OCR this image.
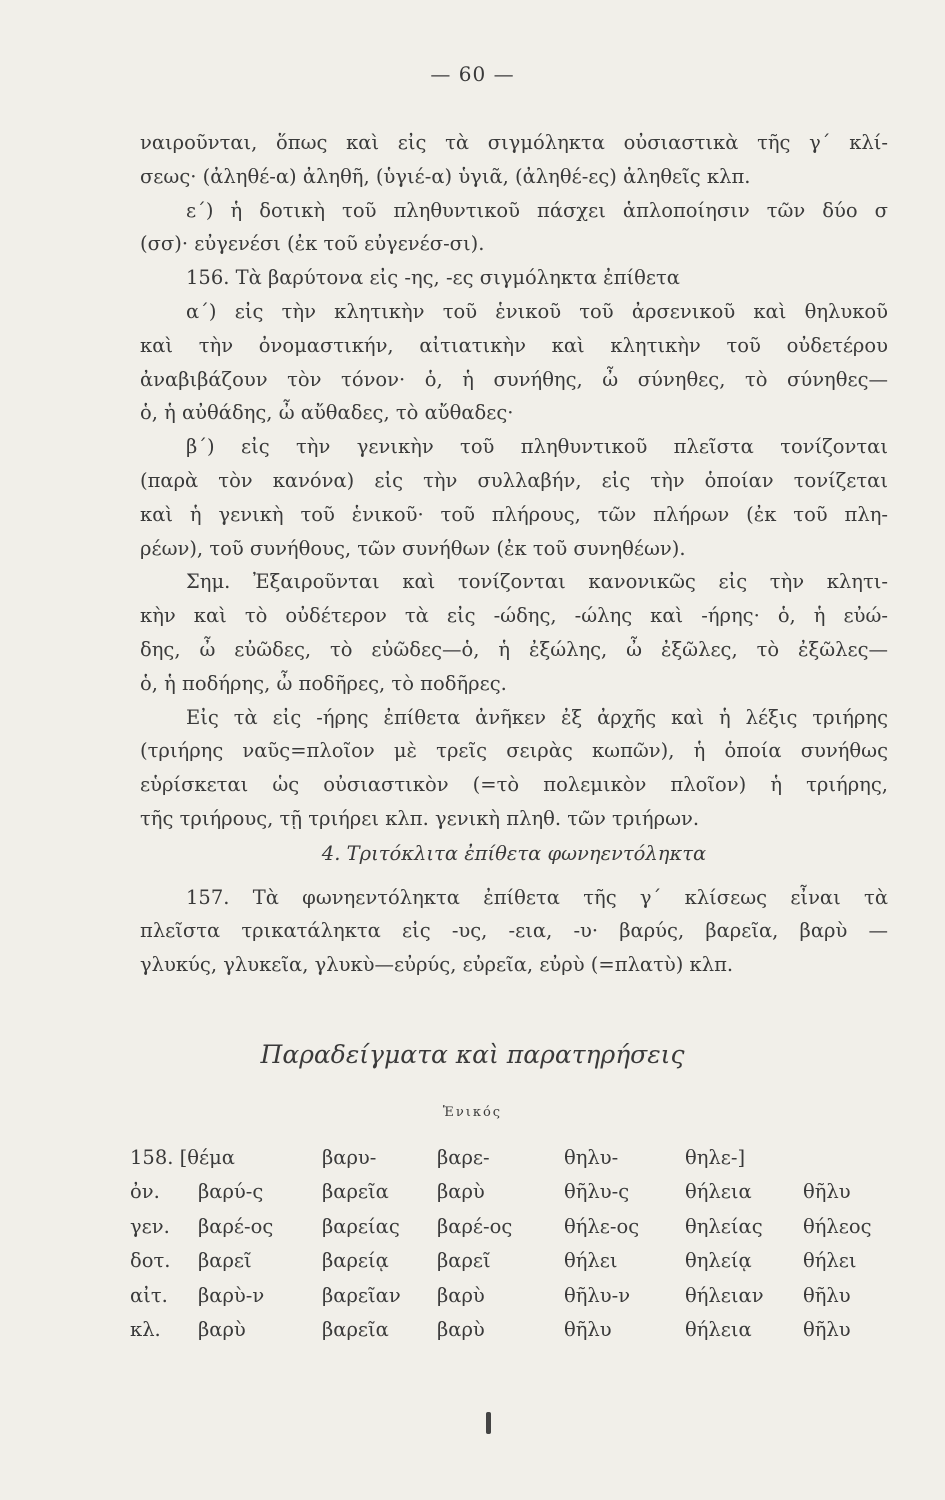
— 60 —

ναιροῦνται, ὅπως καὶ εἰς τὰ σιγμόληκτα οὐσιαστικὰ τῆς γ΄ κλί-

σεως· (ἀληθέ-α) ἀληθῆ, (ὑγιέ-α) ὑγιᾶ, (ἀληθέ-ες) ἀληθεῖς κλπ.

ε΄) ἡ δοτικὴ τοῦ πληθυντικοῦ πάσχει ἁπλοποίησιν τῶν δύο σ

(σσ)· εὐγενέσι (ἐκ τοῦ εὐγενέσ-σι).

156. Τὰ βαρύτονα εἰς -ης, -ες σιγμόληκτα ἐπίθετα

α΄) εἰς τὴν κλητικὴν τοῦ ἑνικοῦ τοῦ ἀρσενικοῦ καὶ θηλυκοῦ

καὶ τὴν ὀνομαστικήν, αἰτιατικὴν καὶ κλητικὴν τοῦ οὐδετέρου

ἀναβιβάζουν τὸν τόνον· ὁ, ἡ συνήθης, ὦ σύνηθες, τὸ σύνηθες—

ὁ, ἡ αὐθάδης, ὦ αὔθαδες, τὸ αὔθαδες·

β΄) εἰς τὴν γενικὴν τοῦ πληθυντικοῦ πλεῖστα τονίζονται

(παρὰ τὸν κανόνα) εἰς τὴν συλλαβήν, εἰς τὴν ὁποίαν τονίζεται

καὶ ἡ γενικὴ τοῦ ἑνικοῦ· τοῦ πλήρους, τῶν πλήρων (ἐκ τοῦ πλη-

ρέων), τοῦ συνήθους, τῶν συνήθων (ἐκ τοῦ συνηθέων).

Σημ. Ἐξαιροῦνται καὶ τονίζονται κανονικῶς εἰς τὴν κλητι-

κὴν καὶ τὸ οὐδέτερον τὰ εἰς -ώδης, -ώλης καὶ -ήρης· ὁ, ἡ εὐώ-

δης, ὦ εὐῶδες, τὸ εὐῶδες—ὁ, ἡ ἐξώλης, ὦ ἐξῶλες, τὸ ἐξῶλες—

ὁ, ἡ ποδήρης, ὦ ποδῆρες, τὸ ποδῆρες.

Εἰς τὰ εἰς -ήρης ἐπίθετα ἀνῆκεν ἐξ ἀρχῆς καὶ ἡ λέξις τριήρης

(τριήρης ναῦς=πλοῖον μὲ τρεῖς σειρὰς κωπῶν), ἡ ὁποία συνήθως

εὑρίσκεται ὡς οὐσιαστικὸν (=τὸ πολεμικὸν πλοῖον) ἡ τριήρης,

τῆς τριήρους, τῇ τριήρει κλπ. γενικὴ πληθ. τῶν τριήρων.

4. Τριτόκλιτα ἐπίθετα φωνηεντόληκτα

157. Τὰ φωνηεντόληκτα ἐπίθετα τῆς γ΄ κλίσεως εἶναι τὰ

πλεῖστα τρικατάληκτα εἰς -υς, -εια, -υ· βαρύς, βαρεῖα, βαρὺ —

γλυκύς, γλυκεῖα, γλυκὺ—εὐρύς, εὐρεῖα, εὐρὺ (=πλατὺ) κλπ.

Παραδείγματα καὶ παρατηρήσεις
Ἑνικός
158. [θέμα		βαρυ-	βαρε-	θηλυ-	θηλε-]	
ὀν.	βαρύ-ς	βαρεῖα	βαρὺ	θῆλυ-ς	θήλεια	θῆλυ
γεν.	βαρέ-ος	βαρείας	βαρέ-ος	θήλε-ος	θηλείας	θήλεος
δοτ.	βαρεῖ	βαρείᾳ	βαρεῖ	θήλει	θηλείᾳ	θήλει
αἰτ.	βαρὺ-ν	βαρεῖαν	βαρὺ	θῆλυ-ν	θήλειαν	θῆλυ
κλ.	βαρὺ	βαρεῖα	βαρὺ	θῆλυ	θήλεια	θῆλυ
